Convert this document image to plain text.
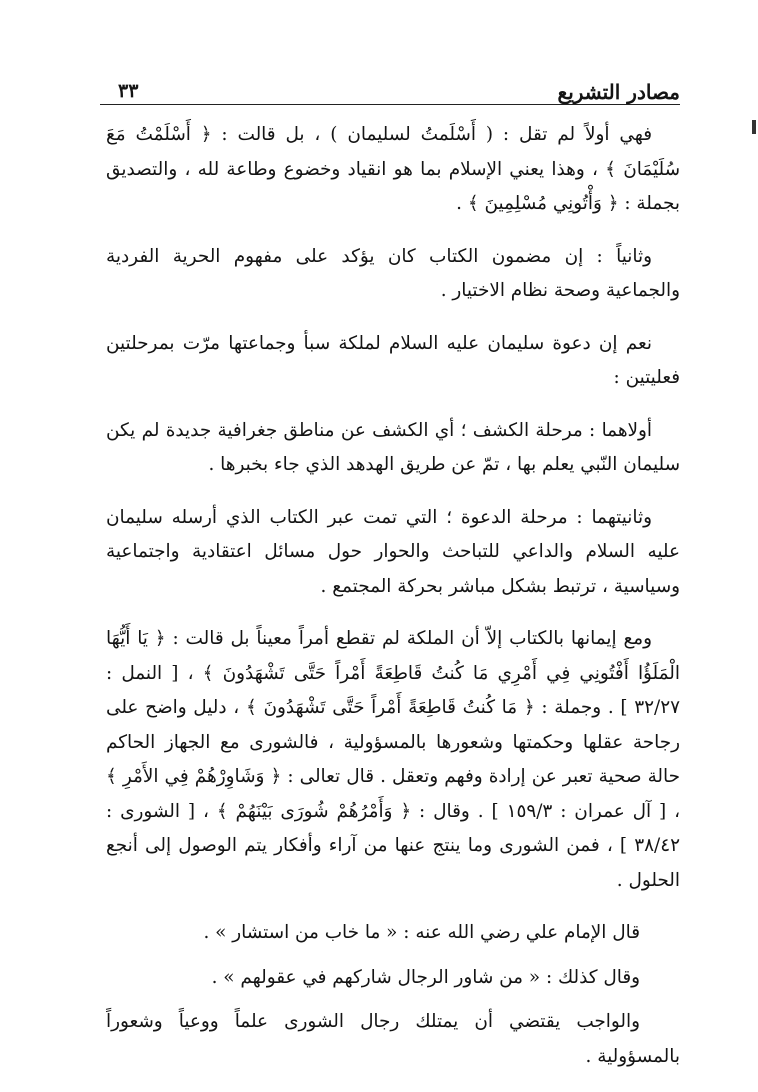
مصادر التشريع
٣٣

فهي أولاً لم تقل : ( أَسْلَمتُ لسليمان ) ، بل قالت : ﴿ أَسْلَمْتُ مَعَ سُلَيْمَانَ ﴾ ، وهذا يعني الإسلام بما هو انقياد وخضوع وطاعة لله ، والتصديق بجملة : ﴿ وَأْتُونِي مُسْلِمِينَ ﴾ .

وثانياً : إن مضمون الكتاب كان يؤكد على مفهوم الحرية الفردية والجماعية وصحة نظام الاختيار .

نعم إن دعوة سليمان عليه السلام لملكة سبأ وجماعتها مرّت بمرحلتين فعليتين :

أولاهما : مرحلة الكشف ؛ أي الكشف عن مناطق جغرافية جديدة لم يكن سليمان النّبي يعلم بها ، تمّ عن طريق الهدهد الذي جاء بخبرها .

وثانيتهما : مرحلة الدعوة ؛ التي تمت عبر الكتاب الذي أرسله سليمان عليه السلام والداعي للتباحث والحوار حول مسائل اعتقادية واجتماعية وسياسية ، ترتبط بشكل مباشر بحركة المجتمع .

ومع إيمانها بالكتاب إلاّ أن الملكة لم تقطع أمراً معيناً بل قالت : ﴿ يَا أَيُّهَا الْمَلَؤُا أَفْتُونِي فِي أَمْرِي مَا كُنتُ قَاطِعَةً أَمْراً حَتَّى تَشْهَدُونَ ﴾ ، [ النمل : ٣٢/٢٧ ] . وجملة : ﴿ مَا كُنتُ قَاطِعَةً أَمْراً حَتَّى تَشْهَدُونَ ﴾ ، دليل واضح على رجاحة عقلها وحكمتها وشعورها بالمسؤولية ، فالشورى مع الجهاز الحاكم حالة صحية تعبر عن إرادة وفهم وتعقل . قال تعالى : ﴿ وَشَاوِرْهُمْ فِي الأَمْرِ ﴾ ، [ آل عمران : ١٥٩/٣ ] . وقال : ﴿ وَأَمْرُهُمْ شُورَى بَيْنَهُمْ ﴾ ، [ الشورى : ٣٨/٤٢ ] ، فمن الشورى وما ينتج عنها من آراء وأفكار يتم الوصول إلى أنجع الحلول .

قال الإمام علي رضي الله عنه : « ما خاب من استشار » .

وقال كذلك : « من شاور الرجال شاركهم في عقولهم » .

والواجب يقتضي أن يمتلك رجال الشورى علماً ووعياً وشعوراً بالمسؤولية .
